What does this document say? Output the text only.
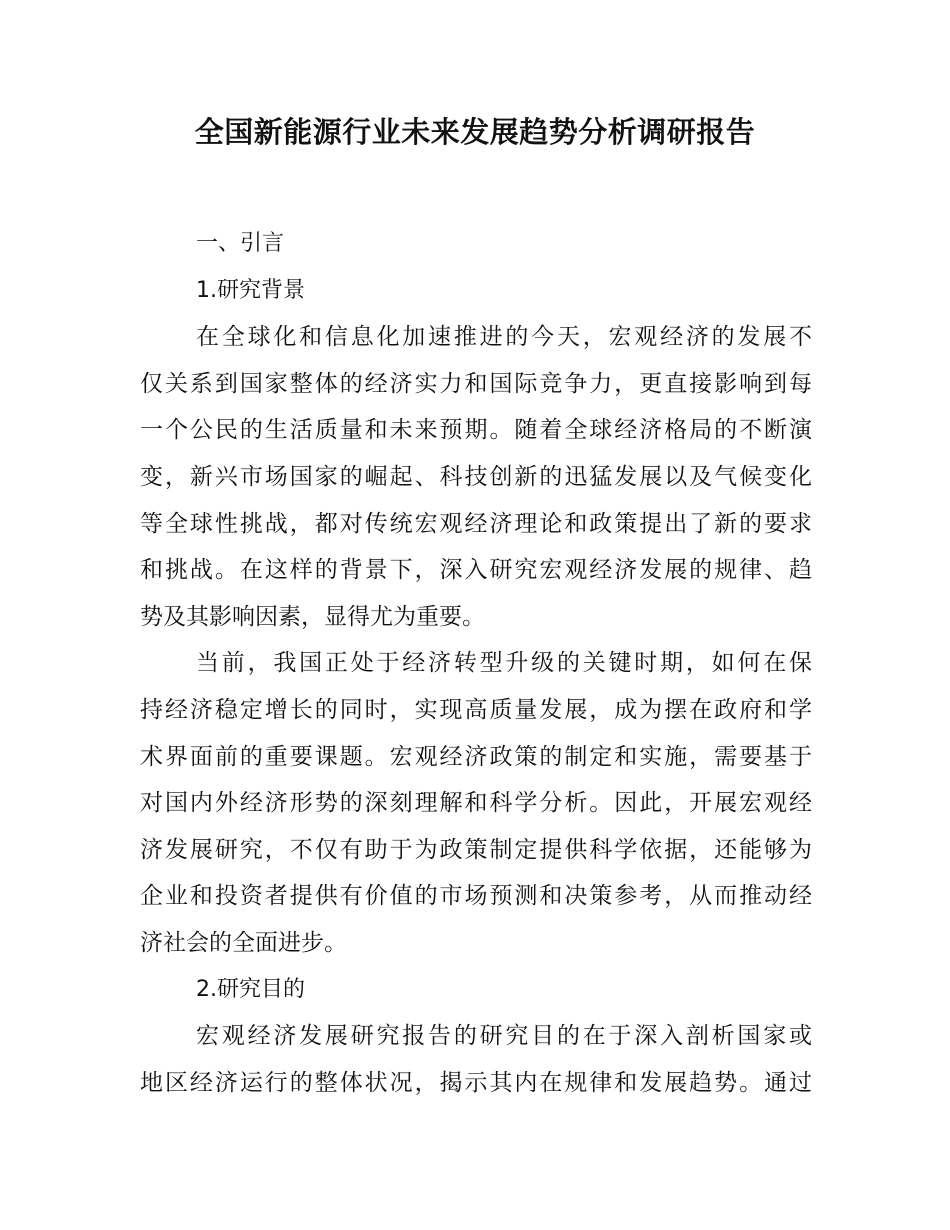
全国新能源行业未来发展趋势分析调研报告
一、引言
1.研究背景

在全球化和信息化加速推进的今天，宏观经济的发展不
仅关系到国家整体的经济实力和国际竞争力，更直接影响到每
一个公民的生活质量和未来预期。随着全球经济格局的不断演
变，新兴市场国家的崛起、科技创新的迅猛发展以及气候变化
等全球性挑战，都对传统宏观经济理论和政策提出了新的要求
和挑战。在这样的背景下，深入研究宏观经济发展的规律、趋
势及其影响因素，显得尤为重要。

当前，我国正处于经济转型升级的关键时期，如何在保
持经济稳定增长的同时，实现高质量发展，成为摆在政府和学
术界面前的重要课题。宏观经济政策的制定和实施，需要基于
对国内外经济形势的深刻理解和科学分析。因此，开展宏观经
济发展研究，不仅有助于为政策制定提供科学依据，还能够为
企业和投资者提供有价值的市场预测和决策参考，从而推动经
济社会的全面进步。

2.研究目的

宏观经济发展研究报告的研究目的在于深入剖析国家或
地区经济运行的整体状况，揭示其内在规律和发展趋势。通过
